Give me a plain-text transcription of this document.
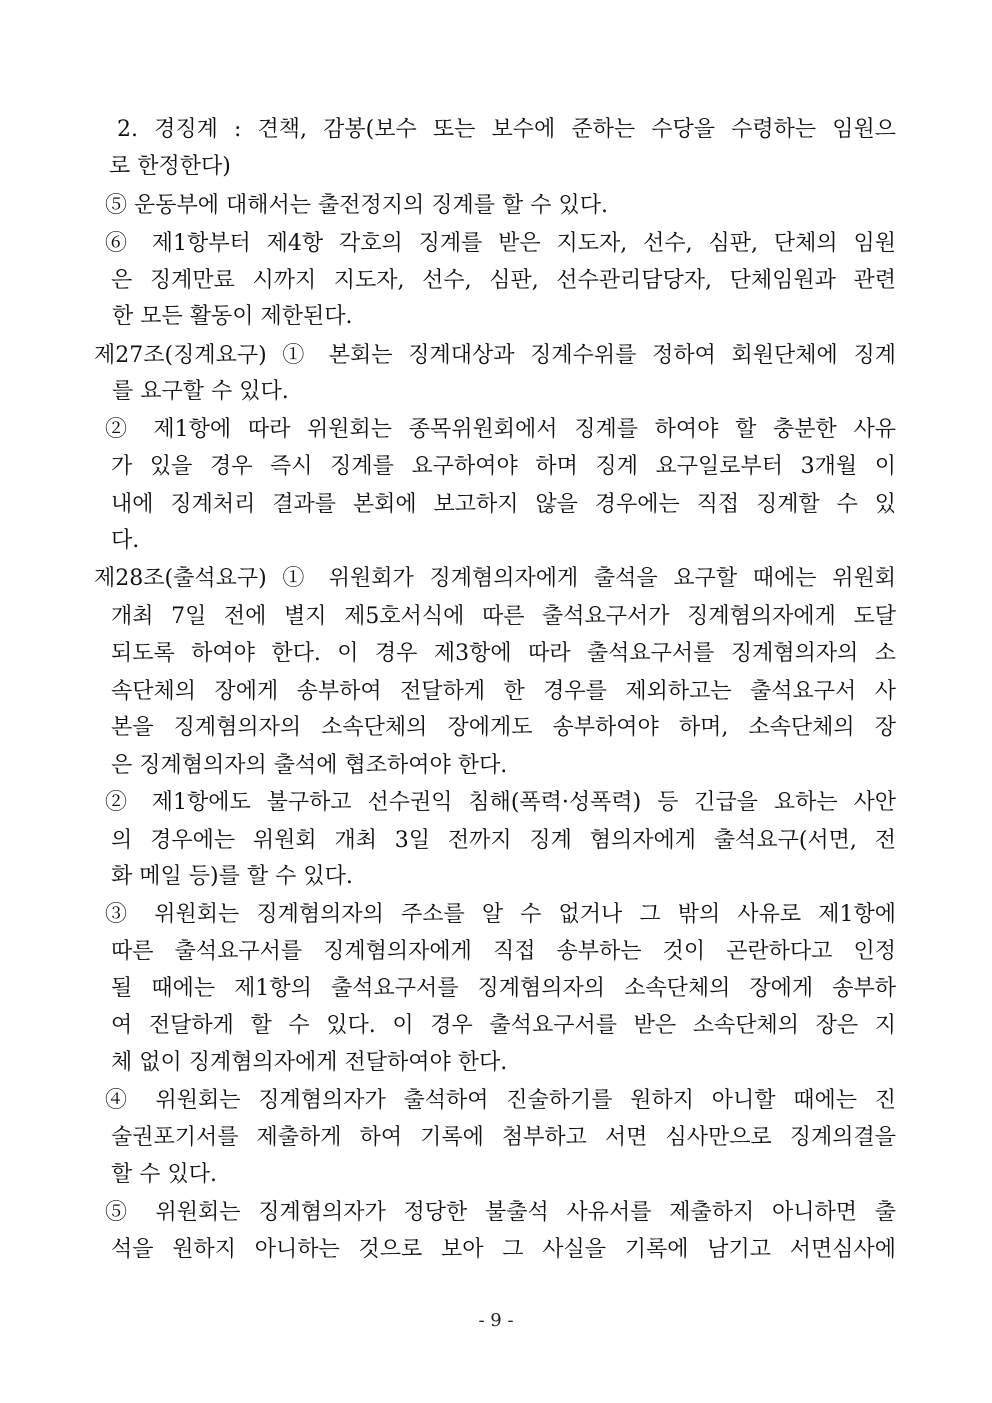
2. 경징계 : 견책, 감봉(보수 또는 보수에 준하는 수당을 수령하는 임원으
로 한정한다)
⑤ 운동부에 대해서는 출전정지의 징계를 할 수 있다.
⑥ 제1항부터 제4항 각호의 징계를 받은 지도자, 선수, 심판, 단체의 임원
은 징계만료 시까지 지도자, 선수, 심판, 선수관리담당자, 단체임원과 관련
한 모든 활동이 제한된다.
제27조(징계요구) ① 본회는 징계대상과 징계수위를 정하여 회원단체에 징계
를 요구할 수 있다.
② 제1항에 따라 위원회는 종목위원회에서 징계를 하여야 할 충분한 사유
가 있을 경우 즉시 징계를 요구하여야 하며 징계 요구일로부터 3개월 이
내에 징계처리 결과를 본회에 보고하지 않을 경우에는 직접 징계할 수 있
다.
제28조(출석요구) ① 위원회가 징계혐의자에게 출석을 요구할 때에는 위원회
개최 7일 전에 별지 제5호서식에 따른 출석요구서가 징계혐의자에게 도달
되도록 하여야 한다. 이 경우 제3항에 따라 출석요구서를 징계혐의자의 소
속단체의 장에게 송부하여 전달하게 한 경우를 제외하고는 출석요구서 사
본을 징계혐의자의 소속단체의 장에게도 송부하여야 하며, 소속단체의 장
은 징계혐의자의 출석에 협조하여야 한다.
② 제1항에도 불구하고 선수권익 침해(폭력·성폭력) 등 긴급을 요하는 사안
의 경우에는 위원회 개최 3일 전까지 징계 혐의자에게 출석요구(서면, 전
화 메일 등)를 할 수 있다.
③ 위원회는 징계혐의자의 주소를 알 수 없거나 그 밖의 사유로 제1항에
따른 출석요구서를 징계혐의자에게 직접 송부하는 것이 곤란하다고 인정
될 때에는 제1항의 출석요구서를 징계혐의자의 소속단체의 장에게 송부하
여 전달하게 할 수 있다. 이 경우 출석요구서를 받은 소속단체의 장은 지
체 없이 징계혐의자에게 전달하여야 한다.
④ 위원회는 징계혐의자가 출석하여 진술하기를 원하지 아니할 때에는 진
술권포기서를 제출하게 하여 기록에 첨부하고 서면 심사만으로 징계의결을
할 수 있다.
⑤ 위원회는 징계혐의자가 정당한 불출석 사유서를 제출하지 아니하면 출
석을 원하지 아니하는 것으로 보아 그 사실을 기록에 남기고 서면심사에
- 9 -
